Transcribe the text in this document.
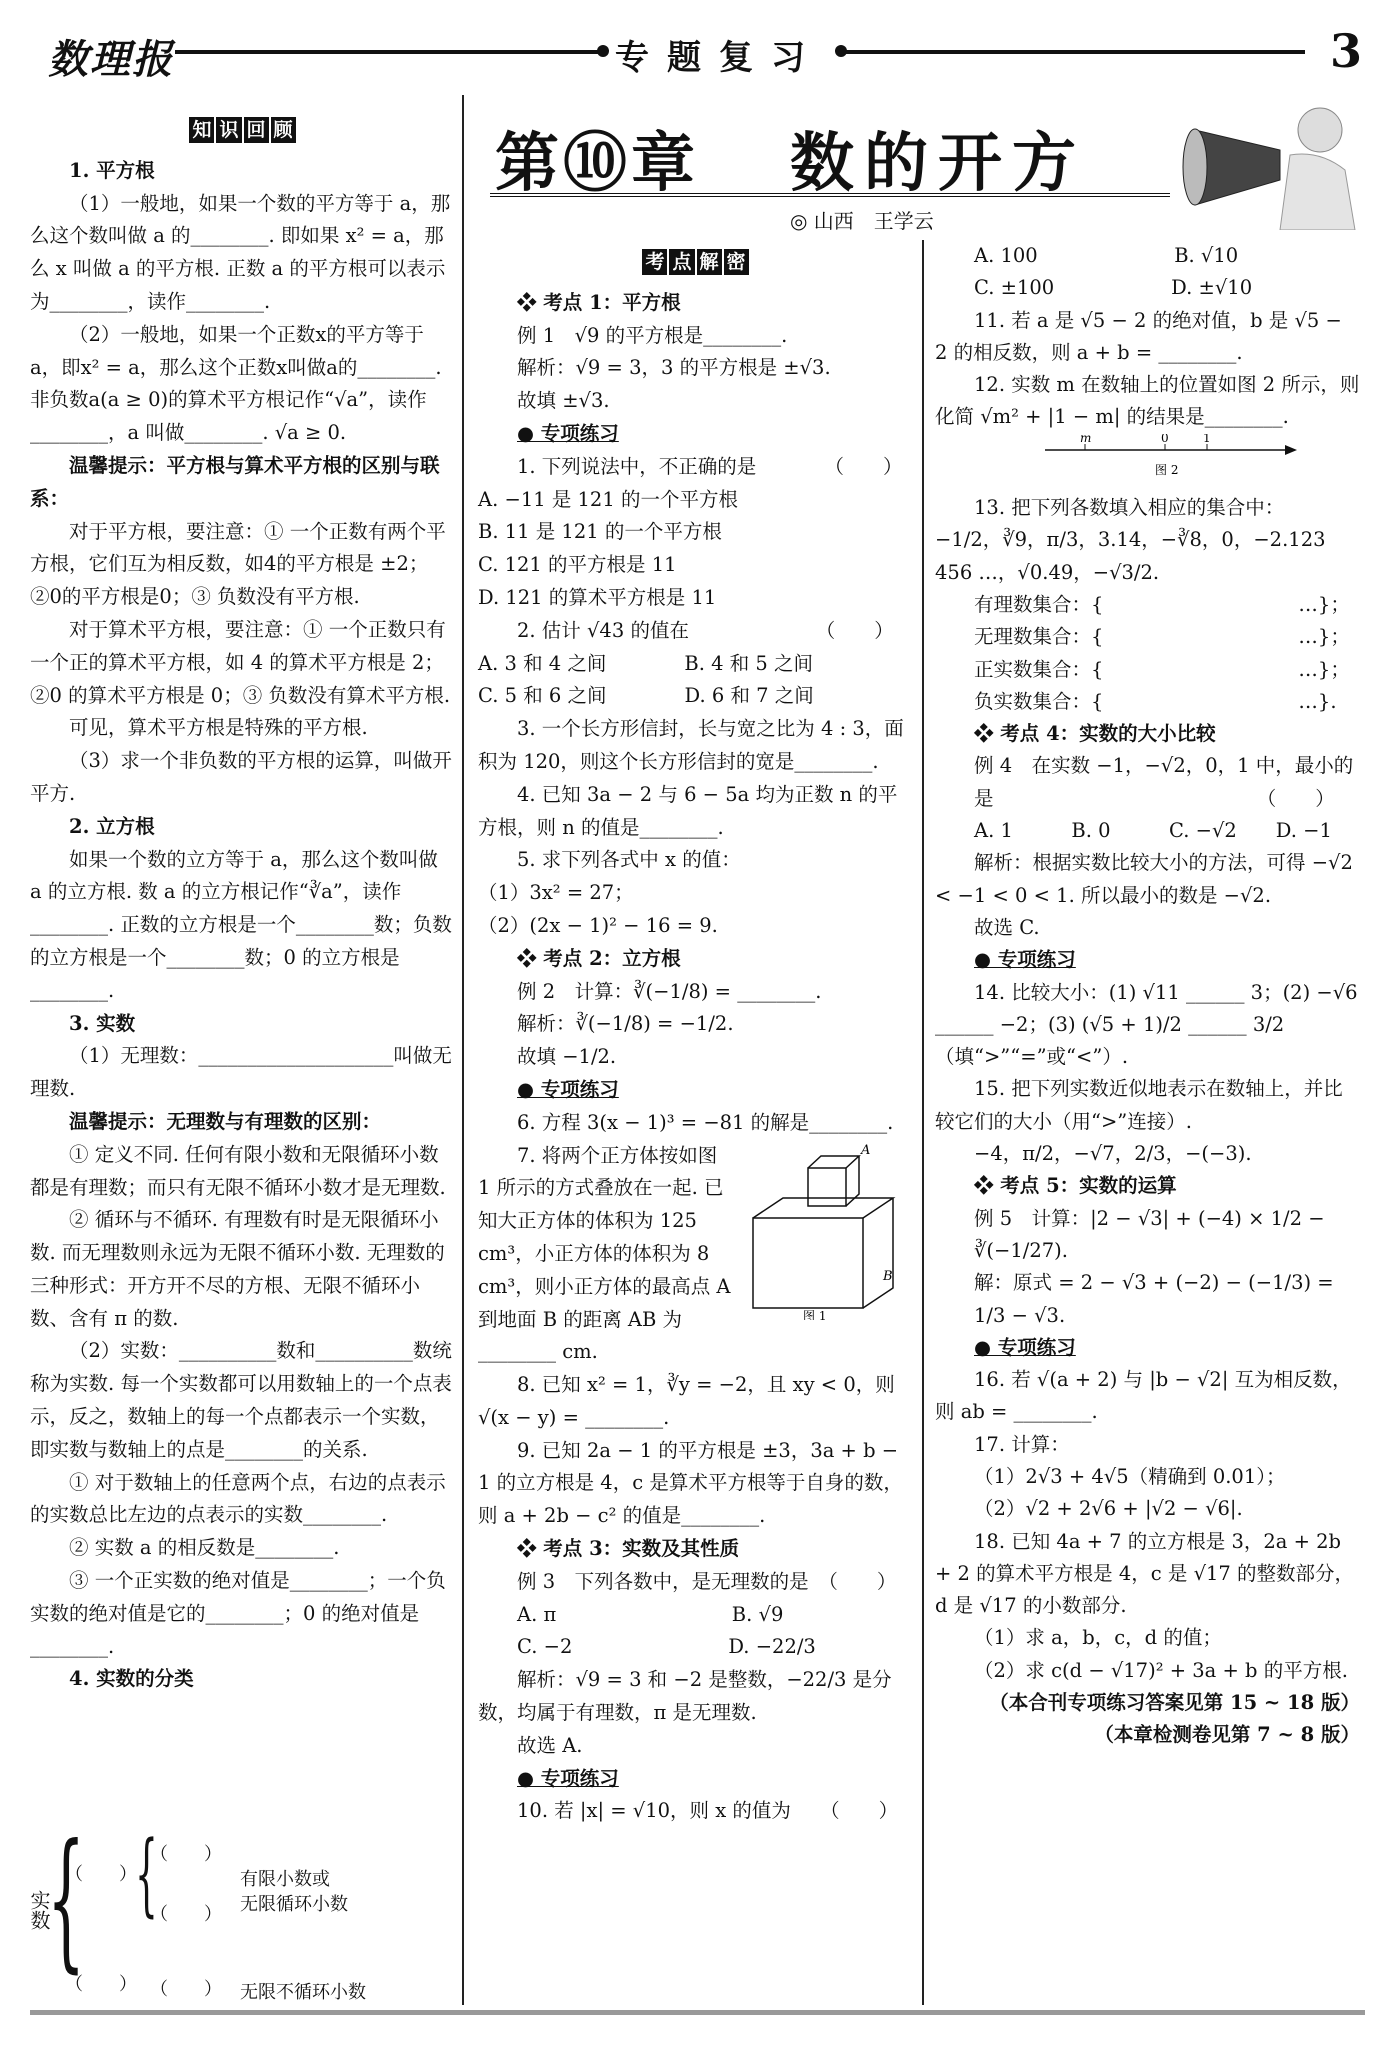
数理报	专题复习	3
第⑩章 数的开方
◎ 山西　王学云
知 识 回 顾

1. 平方根

（1）一般地，如果一个数的平方等于 a，那么这个数叫做 a 的________. 即如果 x² = a，那么 x 叫做 a 的平方根. 正数 a 的平方根可以表示为________，读作________.

（2）一般地，如果一个正数x的平方等于a，即x² = a，那么这个正数x叫做a的________. 非负数a(a ≥ 0)的算术平方根记作“√a”，读作________，a 叫做________. √a ≥ 0.

温馨提示：平方根与算术平方根的区别与联系：

对于平方根，要注意：① 一个正数有两个平方根，它们互为相反数，如4的平方根是 ±2；②0的平方根是0；③ 负数没有平方根.

对于算术平方根，要注意：① 一个正数只有一个正的算术平方根，如 4 的算术平方根是 2；②0 的算术平方根是 0；③ 负数没有算术平方根.

可见，算术平方根是特殊的平方根.

（3）求一个非负数的平方根的运算，叫做开平方.

2. 立方根

如果一个数的立方等于 a，那么这个数叫做 a 的立方根. 数 a 的立方根记作“∛a”，读作________. 正数的立方根是一个________数；负数的立方根是一个________数；0 的立方根是________.

3. 实数

（1）无理数：____________________叫做无理数.

温馨提示：无理数与有理数的区别：

① 定义不同. 任何有限小数和无限循环小数都是有理数；而只有无限不循环小数才是无理数.

② 循环与不循环. 有理数有时是无限循环小数. 而无理数则永远为无限不循环小数. 无理数的三种形式：开方开不尽的方根、无限不循环小数、含有 π 的数.

（2）实数：__________数和__________数统称为实数. 每一个实数都可以用数轴上的一个点表示，反之，数轴上的每一个点都表示一个实数，即实数与数轴上的点是________的关系.

① 对于数轴上的任意两个点，右边的点表示的实数总比左边的点表示的实数________.

② 实数 a 的相反数是________.

③ 一个正实数的绝对值是________；一个负实数的绝对值是它的________；0 的绝对值是________.

4. 实数的分类

实数
{
（　　）
（　　）
{
（　　）
（　　）
有限小数或
无限循环小数
（　　） 无限不循环小数
考 点 解 密

❖ 考点 1：平方根

例 1　√9 的平方根是________.

解析：√9 = 3，3 的平方根是 ±√3.

故填 ±√3.

● 专项练习

1. 下列说法中，不正确的是　　　　（　　）

A. −11 是 121 的一个平方根

B. 11 是 121 的一个平方根

C. 121 的平方根是 11

D. 121 的算术平方根是 11

2. 估计 √43 的值在　　　　　　　（　　）

A. 3 和 4 之间　　　　B. 4 和 5 之间

C. 5 和 6 之间　　　　D. 6 和 7 之间

3. 一个长方形信封，长与宽之比为 4 : 3，面积为 120，则这个长方形信封的宽是________.

4. 已知 3a − 2 与 6 − 5a 均为正数 n 的平方根，则 n 的值是________.

5. 求下列各式中 x 的值：

（1）3x² = 27；

（2）(2x − 1)² − 16 = 9.

❖ 考点 2：立方根

例 2　计算：∛(−1/8) = ________.

解析：∛(−1/8) = −1/2.

故填 −1/2.

● 专项练习

6. 方程 3(x − 1)³ = −81 的解是________.

7. 将两个正方体按如图 1 所示的方式叠放在一起. 已知大正方体的体积为 125 cm³，小正方体的体积为 8 cm³，则小正方体的最高点 A 到地面 B 的距离 AB 为________ cm.

A
B
图 1

8. 已知 x² = 1，∛y = −2，且 xy < 0，则 √(x − y) = ________.

9. 已知 2a − 1 的平方根是 ±3，3a + b − 1 的立方根是 4，c 是算术平方根等于自身的数，则 a + 2b − c² 的值是________.

❖ 考点 3：实数及其性质

例 3　下列各数中，是无理数的是　（　　）

A. π　　　　　　　　　B. √9

C. −2　　　　　　　　D. −22/3

解析：√9 = 3 和 −2 是整数，−22/3 是分数，均属于有理数，π 是无理数.

故选 A.

● 专项练习

10. 若 |x| = √10，则 x 的值为　　（　　）

A. 100　　　　　　　B. √10

C. ±100　　　　　　D. ±√10

11. 若 a 是 √5 − 2 的绝对值，b 是 √5 − 2 的相反数，则 a + b = ________.

12. 实数 m 在数轴上的位置如图 2 所示，则化简 √m² + |1 − m| 的结果是________.

m	0	1
图 2

13. 把下列各数填入相应的集合中：

−1/2，∛9，π/3，3.14，−∛8，0，−2.123 456 …，√0.49，−√3/2.

有理数集合：{　　　　　　　　　　…}；

无理数集合：{　　　　　　　　　　…}；

正实数集合：{　　　　　　　　　　…}；

负实数集合：{　　　　　　　　　　…}.

❖ 考点 4：实数的大小比较

例 4　在实数 −1，−√2，0，1 中，最小的是　　　　　　　　　　　　　　（　　）

A. 1　　　B. 0　　　C. −√2　　D. −1

解析：根据实数比较大小的方法，可得 −√2 < −1 < 0 < 1. 所以最小的数是 −√2.

故选 C.

● 专项练习

14. 比较大小：(1) √11 ______ 3；(2) −√6 ______ −2；(3) (√5 + 1)/2 ______ 3/2（填“>”“=”或“<”）.

15. 把下列实数近似地表示在数轴上，并比较它们的大小（用“>”连接）.

−4，π/2，−√7，2/3，−(−3).

❖ 考点 5：实数的运算

例 5　计算：|2 − √3| + (−4) × 1/2 − ∛(−1/27).

解：原式 = 2 − √3 + (−2) − (−1/3) = 1/3 − √3.

● 专项练习

16. 若 √(a + 2) 与 |b − √2| 互为相反数，则 ab = ________.

17. 计算：

（1）2√3 + 4√5（精确到 0.01）；

（2）√2 + 2√6 + |√2 − √6|.

18. 已知 4a + 7 的立方根是 3，2a + 2b + 2 的算术平方根是 4，c 是 √17 的整数部分，d 是 √17 的小数部分.

（1）求 a，b，c，d 的值；

（2）求 c(d − √17)² + 3a + b 的平方根.

（本合刊专项练习答案见第 15 ~ 18 版）

（本章检测卷见第 7 ~ 8 版）
